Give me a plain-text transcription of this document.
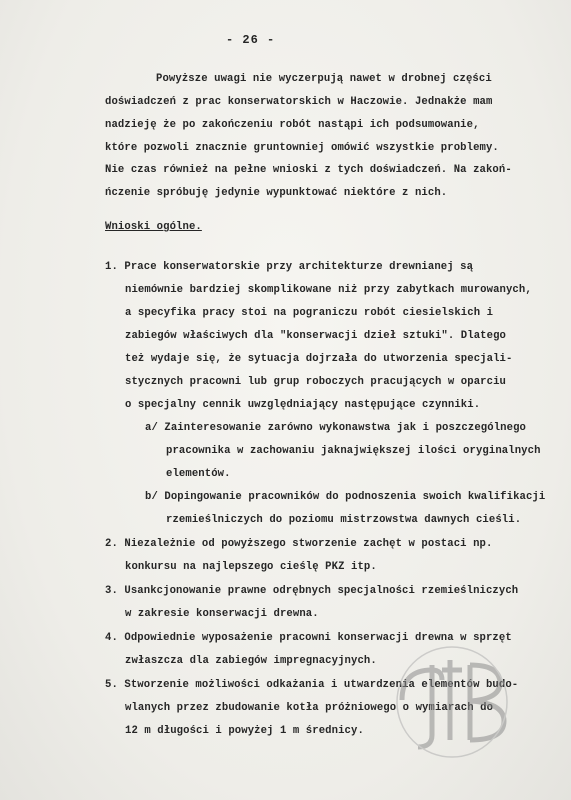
- 26 -
Powyższe uwagi nie wyczerpują nawet w drobnej części
doświadczeń z prac konserwatorskich w Haczowie. Jednakże mam
nadzieję że po zakończeniu robót nastąpi ich podsumowanie,
które pozwoli znacznie gruntowniej omówić wszystkie problemy.
Nie czas również na pełne wnioski z tych doświadczeń. Na zakoń-
ńczenie spróbuję jedynie wypunktować niektóre z nich.
Wnioski ogólne.
1. Prace konserwatorskie przy architekturze drewnianej są
niemównie bardziej skomplikowane niż przy zabytkach murowanych,
a specyfika pracy stoi na pograniczu robót ciesielskich i
zabiegów właściwych dla "konserwacji dzieł sztuki". Dlatego
też wydaje się, że sytuacja dojrzała do utworzenia specjali-
stycznych pracowni lub grup roboczych pracujących w oparciu
o specjalny cennik uwzględniający następujące czynniki.
a/ Zainteresowanie zarówno wykonawstwa jak i poszczególnego
pracownika w zachowaniu jaknajwiększej ilości oryginalnych
elementów.
b/ Dopingowanie pracowników do podnoszenia swoich kwalifikacji
rzemieślniczych do poziomu mistrzowstwa dawnych cieśli.
2. Niezależnie od powyższego stworzenie zachęt w postaci np.
konkursu na najlepszego cieślę PKZ itp.
3. Usankcjonowanie prawne odrębnych specjalności rzemieślniczych
w zakresie konserwacji drewna.
4. Odpowiednie wyposażenie pracowni konserwacji drewna w sprzęt
zwłaszcza dla zabiegów impregnacyjnych.
5. Stworzenie możliwości odkażania i utwardzenia elementów budo-
wlanych przez zbudowanie kotła próżniowego o wymiarach do
12 m długości i powyżej 1 m średnicy.
